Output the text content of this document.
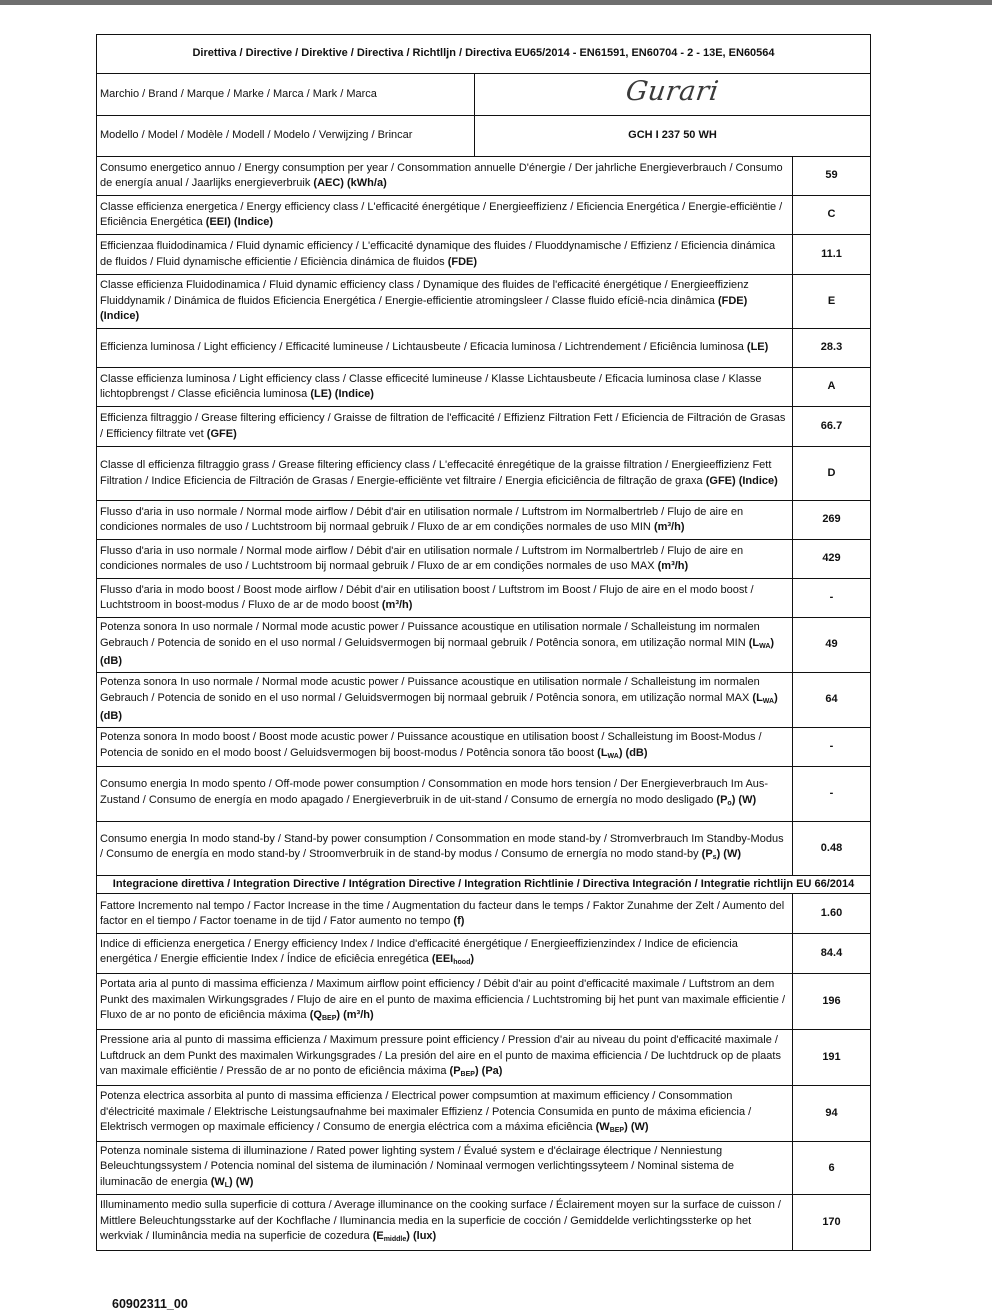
Direttiva / Directive / Direktive / Directiva / Richtlljn / Directiva EU65/2014 - EN61591, EN60704 - 2 - 13E, EN60564		
Marchio / Brand / Marque / Marke / Marca / Mark / Marca	Gurari	
Modello / Model / Modèle / Modell / Modelo / Verwijzing / Brincar	GCH I 237 50 WH	
Consumo energetico annuo / Energy consumption per year / Consommation annuelle D'énergie / Der jahrliche Energieverbrauch / Consumo de energía anual / Jaarlijks energieverbruik (AEC) (kWh/a)		59
Classe efficienza energetica / Energy efficiency class / L'efficacité énergétique / Energieeffizienz / Eficiencia Energética / Energie-efficiëntie / Eficiência Energética (EEI) (Indice)		C
Efficienzaa fluidodinamica / Fluid dynamic efficiency / L'efficacité dynamique des fluides / Fluoddynamische / Effizienz / Eficiencia dinámica de fluidos / Fluid dynamische efficientie / Eficiència dinámica de fluidos (FDE)		11.1
Classe efficienza Fluidodinamica / Fluid dynamic efficiency class / Dynamique des fluides de l'efficacité énergétique / Energieeffizienz Fluiddynamik / Dinámica de fluidos Eficiencia Energética / Energie-efficientie atromingsleer / Classe fluido efíciê-ncia dinâmica (FDE) (Indice)		E
Efficienza luminosa / Light efficiency / Efficacité lumineuse / Lichtausbeute / Eficacia luminosa / Lichtrendement / Eficiência luminosa (LE)		28.3
Classe efficienza luminosa / Light efficiency class / Classe efficecité lumineuse / Klasse Lichtausbeute / Eficacia luminosa clase / Klasse lichtopbrengst / Classe eficiência luminosa (LE) (Indice)		A
Efficienza filtraggio / Grease filtering efficiency / Graisse de filtration de l'efficacité / Effizienz Filtration Fett / Eficiencia de Filtración de Grasas / Efficiency filtrate vet (GFE)		66.7
Classe dl efficienza filtraggio grass / Grease filtering efficiency class / L'effecacité énregétique de la graisse filtration / Energieeffizienz Fett Filtration / Indice Eficiencia de Filtración de Grasas / Energie-efficiënte vet filtraire / Energia eficiciência de filtração de graxa (GFE) (Indice)		D
Flusso d'aria in uso normale / Normal mode airflow / Débit d'air en utilisation normale / Luftstrom im Normalbertrleb / Flujo de aire en condiciones normales de uso / Luchtstroom bij normaal gebruik / Fluxo de ar em condições normales de uso MIN (m³/h)		269
Flusso d'aria in uso normale / Normal mode airflow / Débit d'air en utilisation normale / Luftstrom im Normalbertrleb / Flujo de aire en condiciones normales de uso / Luchtstroom bij normaal gebruik / Fluxo de ar em condições normales de uso MAX (m³/h)		429
Flusso d'aria in modo boost / Boost mode airflow / Débit d'air en utilisation boost / Luftstrom im Boost / Flujo de aire en el modo boost / Luchtstroom in boost-modus / Fluxo de ar de modo boost (m³/h)		-
Potenza sonora In uso normale / Normal mode acustic power / Puissance acoustique en utilisation normale / Schalleistung im normalen Gebrauch / Potencia de sonido en el uso normal / Geluidsvermogen bij normaal gebruik / Potência sonora, em utilização normal MIN $(L_{WA})$ (dB)		49
Potenza sonora In uso normale / Normal mode acustic power / Puissance acoustique en utilisation normale / Schalleistung im normalen Gebrauch / Potencia de sonido en el uso normal / Geluidsvermogen bij normaal gebruik / Potência sonora, em utilização normal MAX $(L_{WA})$ (dB)		64
Potenza sonora In modo boost / Boost mode acustic power / Puissance acoustique en utilisation boost / Schalleistung im Boost-Modus / Potencia de sonido en el modo boost / Geluidsvermogen bij boost-modus / Potência sonora tão boost $(L_{WA})$ (dB)		-
Consumo energia In modo spento / Off-mode power consumption / Consommation en mode hors tension / Der Energieverbrauch Im Aus-Zustand / Consumo de energía en modo apagado / Energieverbruik in de uit-stand / Consumo de ernergía no modo desligado $(P_o)$ (W)		-
Consumo energia In modo stand-by / Stand-by power consumption / Consommation en mode stand-by / Stromverbrauch Im Standby-Modus / Consumo de energía en modo stand-by / Stroomverbruik in de stand-by modus / Consumo de ernergía no modo stand-by $(P_s)$ (W)		0.48
Integracione direttiva / Integration Directive / Intégration Directive / Integration Richtlinie / Directiva Integración / Integratie richtlijn EU 66/2014		
Fattore Incremento nal tempo / Factor Increase in the time / Augmentation du facteur dans le temps / Faktor Zunahme der Zelt / Aumento del factor en el tiempo / Factor toename in de tijd / Fator aumento no tempo (f)		1.60
Indice di efficienza energetica / Energy efficiency Index / Indice d'efficacité énergétique / Energieeffizienzindex / Indice de eficiencia energética / Energie efficientie Index / Índice de eficiêcia enregética $(EEI_{hood})$		84.4
Portata aria al punto di massima efficienza / Maximum airflow point efficiency / Débit d'air au point d'efficacité maximale / Luftstrom an dem Punkt des maximalen Wirkungsgrades / Flujo de aire en el punto de maxima efficiencia / Luchtstroming bij het punt van maximale efficientie / Fluxo de ar no ponto de eficiência máxima $(Q_{BEP})$ (m³/h)		196
Pressione aria al punto di massima efficienza / Maximum pressure point efficiency / Pression d'air au niveau du point d'efficacité maximale / Luftdruck an dem Punkt des maximalen Wirkungsgrades / La presión del aire en el punto de maxima efficiencia / De luchtdruck op de plaats van maximale efficiëntie / Pressão de ar no ponto de eficiência máxima $(P_{BEP})$ (Pa)		191
Potenza electrica assorbita al punto di massima efficienza / Electrical power compsumtion at maximum efficiency / Consommation d'électricité maximale / Elektrische Leistungsaufnahme bei maximaler Effizienz / Potencia Consumida en punto de máxima eficiencia / Elektrisch vermogen op maximale efficiency / Consumo de energia eléctrica com a máxima eficiência $(W_{BEP})$ (W)		94
Potenza nominale sistema di illuminazione / Rated power lighting system / Évalué system e d'éclairage électrique / Nenniestung Beleuchtungssystem / Potencia nominal del sistema de iluminación / Nominaal vermogen verlichtingssyteem / Nominal sistema de iluminacão de energia $(W_L)$ (W)		6
Illuminamento medio sulla superficie di cottura / Average illuminance on the cooking surface / Éclairement moyen sur la surface de cuisson / Mittlere Beleuchtungsstarke auf der Kochflache / Iluminancia media en la superficie de cocción / Gemiddelde verlichtingssterke op het werkviak / Iluminância media na superficie de cozedura $(E_{middle})$ (lux)		170
60902311_00
